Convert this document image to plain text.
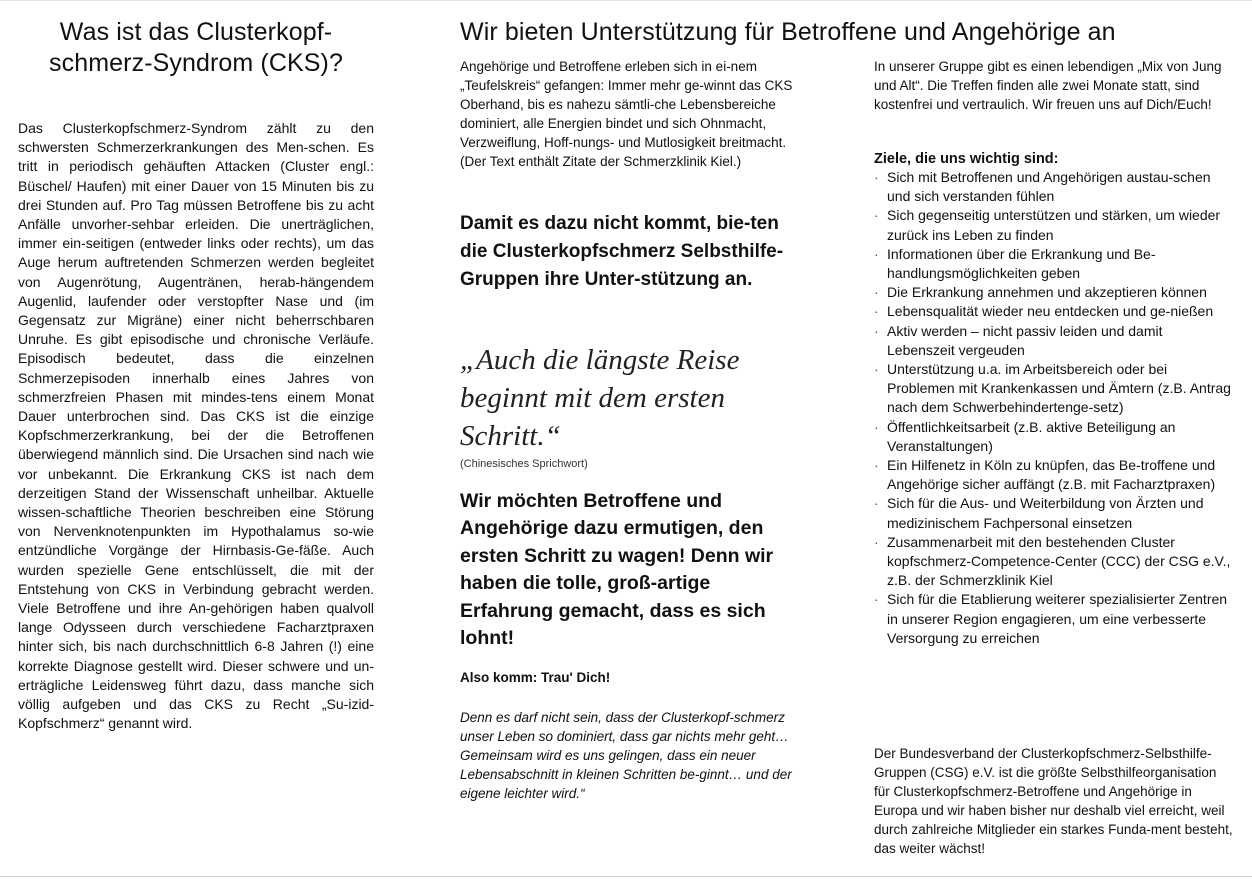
Was ist das Clusterkopf-schmerz-Syndrom (CKS)?

Das Clusterkopfschmerz-Syndrom zählt zu den schwersten Schmerzerkrankungen des Men-schen. Es tritt in periodisch gehäuften Attacken (Cluster engl.: Büschel/ Haufen) mit einer Dauer von 15 Minuten bis zu drei Stunden auf. Pro Tag müssen Betroffene bis zu acht Anfälle unvorher-sehbar erleiden. Die unerträglichen, immer ein-seitigen (entweder links oder rechts), um das Auge herum auftretenden Schmerzen werden begleitet von Augenrötung, Augentränen, herab-hängendem Augenlid, laufender oder verstopfter Nase und (im Gegensatz zur Migräne) einer nicht beherrschbaren Unruhe. Es gibt episodische und chronische Verläufe. Episodisch bedeutet, dass die einzelnen Schmerzepisoden innerhalb eines Jahres von schmerzfreien Phasen mit mindes-tens einem Monat Dauer unterbrochen sind. Das CKS ist die einzige Kopfschmerzerkrankung, bei der die Betroffenen überwiegend männlich sind. Die Ursachen sind nach wie vor unbekannt. Die Erkrankung CKS ist nach dem derzeitigen Stand der Wissenschaft unheilbar. Aktuelle wissen-schaftliche Theorien beschreiben eine Störung von Nervenknotenpunkten im Hypothalamus so-wie entzündliche Vorgänge der Hirnbasis-Ge-fäße. Auch wurden spezielle Gene entschlüsselt, die mit der Entstehung von CKS in Verbindung gebracht werden. Viele Betroffene und ihre An-gehörigen haben qualvoll lange Odysseen durch verschiedene Facharztpraxen hinter sich, bis nach durchschnittlich 6-8 Jahren (!) eine korrekte Diagnose gestellt wird. Dieser schwere und un-erträgliche Leidensweg führt dazu, dass manche sich völlig aufgeben und das CKS zu Recht „Su-izid-Kopfschmerz“ genannt wird.

Wir bieten Unterstützung für Betroffene und Angehörige an

Angehörige und Betroffene erleben sich in ei-nem „Teufelskreis“ gefangen: Immer mehr ge-winnt das CKS Oberhand, bis es nahezu sämtli-che Lebensbereiche dominiert, alle Energien bindet und sich Ohnmacht, Verzweiflung, Hoff-nungs- und Mutlosigkeit breitmacht. (Der Text enthält Zitate der Schmerzklinik Kiel.)

Damit es dazu nicht kommt, bie-ten die Clusterkopfschmerz Selbsthilfe-Gruppen ihre Unter-stützung an.

„Auch die längste Reise beginnt mit dem ersten Schritt.“

(Chinesisches Sprichwort)

Wir möchten Betroffene und Angehörige dazu ermutigen, den ersten Schritt zu wagen! Denn wir haben die tolle, groß-artige Erfahrung gemacht, dass es sich lohnt!

Also komm: Trau' Dich!

Denn es darf nicht sein, dass der Clusterkopf-schmerz unser Leben so dominiert, dass gar nichts mehr geht…
Gemeinsam wird es uns gelingen, dass ein neuer Lebensabschnitt in kleinen Schritten be-ginnt… und der eigene leichter wird.“

In unserer Gruppe gibt es einen lebendigen „Mix von Jung und Alt“. Die Treffen finden alle zwei Monate statt, sind kostenfrei und vertraulich. Wir freuen uns auf Dich/Euch!

Ziele, die uns wichtig sind:

· Sich mit Betroffenen und Angehörigen austau-schen und sich verstanden fühlen
· Sich gegenseitig unterstützen und stärken, um wieder zurück ins Leben zu finden
· Informationen über die Erkrankung und Be-handlungsmöglichkeiten geben
· Die Erkrankung annehmen und akzeptieren können
· Lebensqualität wieder neu entdecken und ge-nießen
· Aktiv werden – nicht passiv leiden und damit Lebenszeit vergeuden
· Unterstützung u.a. im Arbeitsbereich oder bei Problemen mit Krankenkassen und Ämtern (z.B. Antrag nach dem Schwerbehindertenge-setz)
· Öffentlichkeitsarbeit (z.B. aktive Beteiligung an Veranstaltungen)
· Ein Hilfenetz in Köln zu knüpfen, das Be-troffene und Angehörige sicher auffängt (z.B. mit Facharztpraxen)
· Sich für die Aus- und Weiterbildung von Ärzten und medizinischem Fachpersonal einsetzen
· Zusammenarbeit mit den bestehenden Cluster kopfschmerz-Competence-Center (CCC) der CSG e.V., z.B. der Schmerzklinik Kiel
· Sich für die Etablierung weiterer spezialisierter Zentren in unserer Region engagieren, um eine verbesserte Versorgung zu erreichen

Der Bundesverband der Clusterkopfschmerz-Selbsthilfe-Gruppen (CSG) e.V. ist die größte Selbsthilfeorganisation für Clusterkopfschmerz-Betroffene und Angehörige in Europa und wir haben bisher nur deshalb viel erreicht, weil durch zahlreiche Mitglieder ein starkes Funda-ment besteht, das weiter wächst!
